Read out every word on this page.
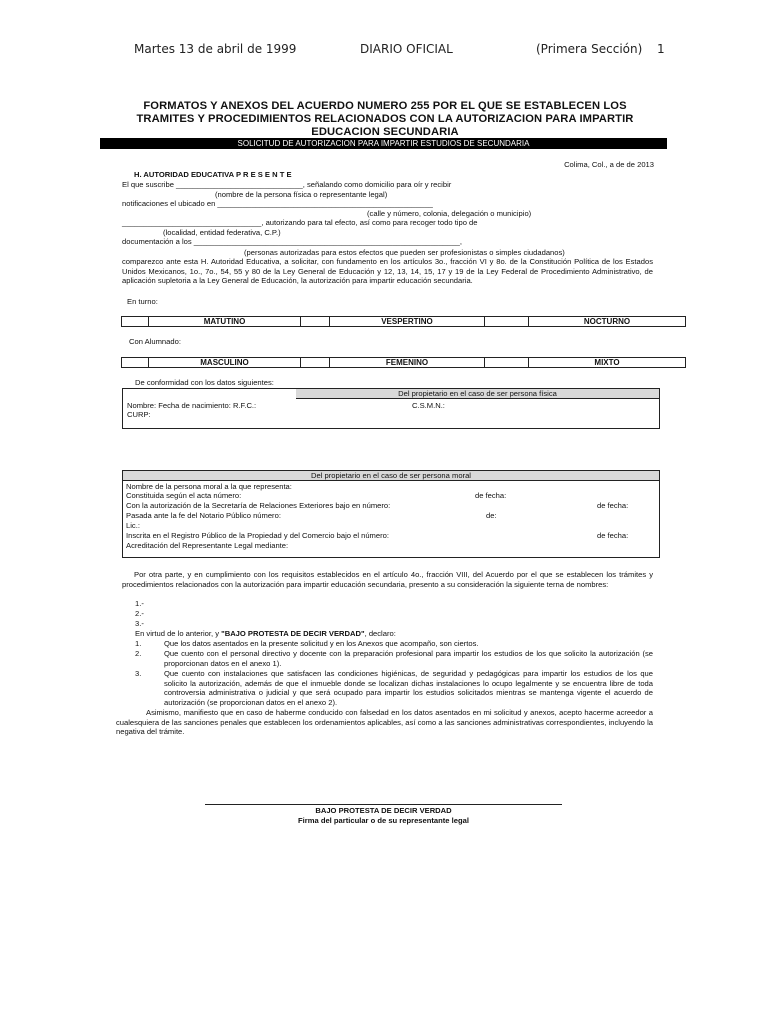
Martes 13 de abril de 1999	DIARIO OFICIAL	(Primera Sección) 1
FORMATOS Y ANEXOS DEL ACUERDO NUMERO 255 POR EL QUE SE ESTABLECEN LOS
TRAMITES Y PROCEDIMIENTOS RELACIONADOS CON LA AUTORIZACION PARA IMPARTIR
EDUCACION SECUNDARIA
SOLICITUD DE AUTORIZACION PARA IMPARTIR ESTUDIOS DE SECUNDARIA
Colima, Col., a de de 2013
H. AUTORIDAD EDUCATIVA P R E S E N T E
El que suscribe ______________________________, señalando como domicilio para oír y recibir
(nombre de la persona física o representante legal)
notificaciones el ubicado en ___________________________________________________
(calle y número, colonia, delegación o municipio)
_________________________________, autorizando para tal efecto, así como para recoger todo tipo de
(localidad, entidad federativa, C.P.)
documentación a los _______________________________________________________________,
(personas autorizadas para estos efectos que pueden ser profesionistas o simples ciudadanos)
comparezco ante esta H. Autoridad Educativa, a solicitar, con fundamento en los artículos 3o., fracción VI y 8o. de la Constitución Política de los Estados Unidos Mexicanos, 1o., 7o., 54, 55 y 80 de la Ley General de Educación y 12, 13, 14, 15, 17 y 19 de la Ley Federal de Procedimiento Administrativo, de aplicación supletoria a la Ley General de Educación, la autorización para impartir educación secundaria.
En turno:
MATUTINO	VESPERTINO	NOCTURNO
Con Alumnado:
MASCULINO	FEMENINO	MIXTO
De conformidad con los datos siguientes:
Del propietario en el caso de ser persona física
Nombre: Fecha de nacimiento: R.F.C.:	C.S.M.N.:
CURP:
Del propietario en el caso de ser persona moral
Nombre de la persona moral a la que representa:
Constituida según el acta número:	de fecha:
Con la autorización de la Secretaría de Relaciones Exteriores bajo en número:	de fecha:
Pasada ante la fe del Notario Público número:	de:
Lic.:
Inscrita en el Registro Público de la Propiedad y del Comercio bajo el número:	de fecha:
Acreditación del Representante Legal mediante:
Por otra parte, y en cumplimiento con los requisitos establecidos en el artículo 4o., fracción VIII, del Acuerdo por el que se establecen los trámites y procedimientos relacionados con la autorización para impartir educación secundaria, presento a su consideración la siguiente terna de nombres:
1.-
2.-
3.-
En virtud de lo anterior, y "BAJO PROTESTA DE DECIR VERDAD", declaro:
1.	Que los datos asentados en la presente solicitud y en los Anexos que acompaño, son ciertos.
2.	Que cuento con el personal directivo y docente con la preparación profesional para impartir los estudios de los que solicito la autorización (se proporcionan datos en el anexo 1).
3.	Que cuento con instalaciones que satisfacen las condiciones higiénicas, de seguridad y pedagógicas para impartir los estudios de los que solicito la autorización, además de que el inmueble donde se localizan dichas instalaciones lo ocupo legalmente y se encuentra libre de toda controversia administrativa o judicial y que será ocupado para impartir los estudios solicitados mientras se mantenga vigente el acuerdo de autorización (se proporcionan datos en el anexo 2).
Asimismo, manifiesto que en caso de haberme conducido con falsedad en los datos asentados en mi solicitud y anexos, acepto hacerme acreedor a cualesquiera de las sanciones penales que establecen los ordenamientos aplicables, así como a las sanciones administrativas correspondientes, incluyendo la negativa del trámite.
BAJO PROTESTA DE DECIR VERDAD
Firma del particular o de su representante legal
